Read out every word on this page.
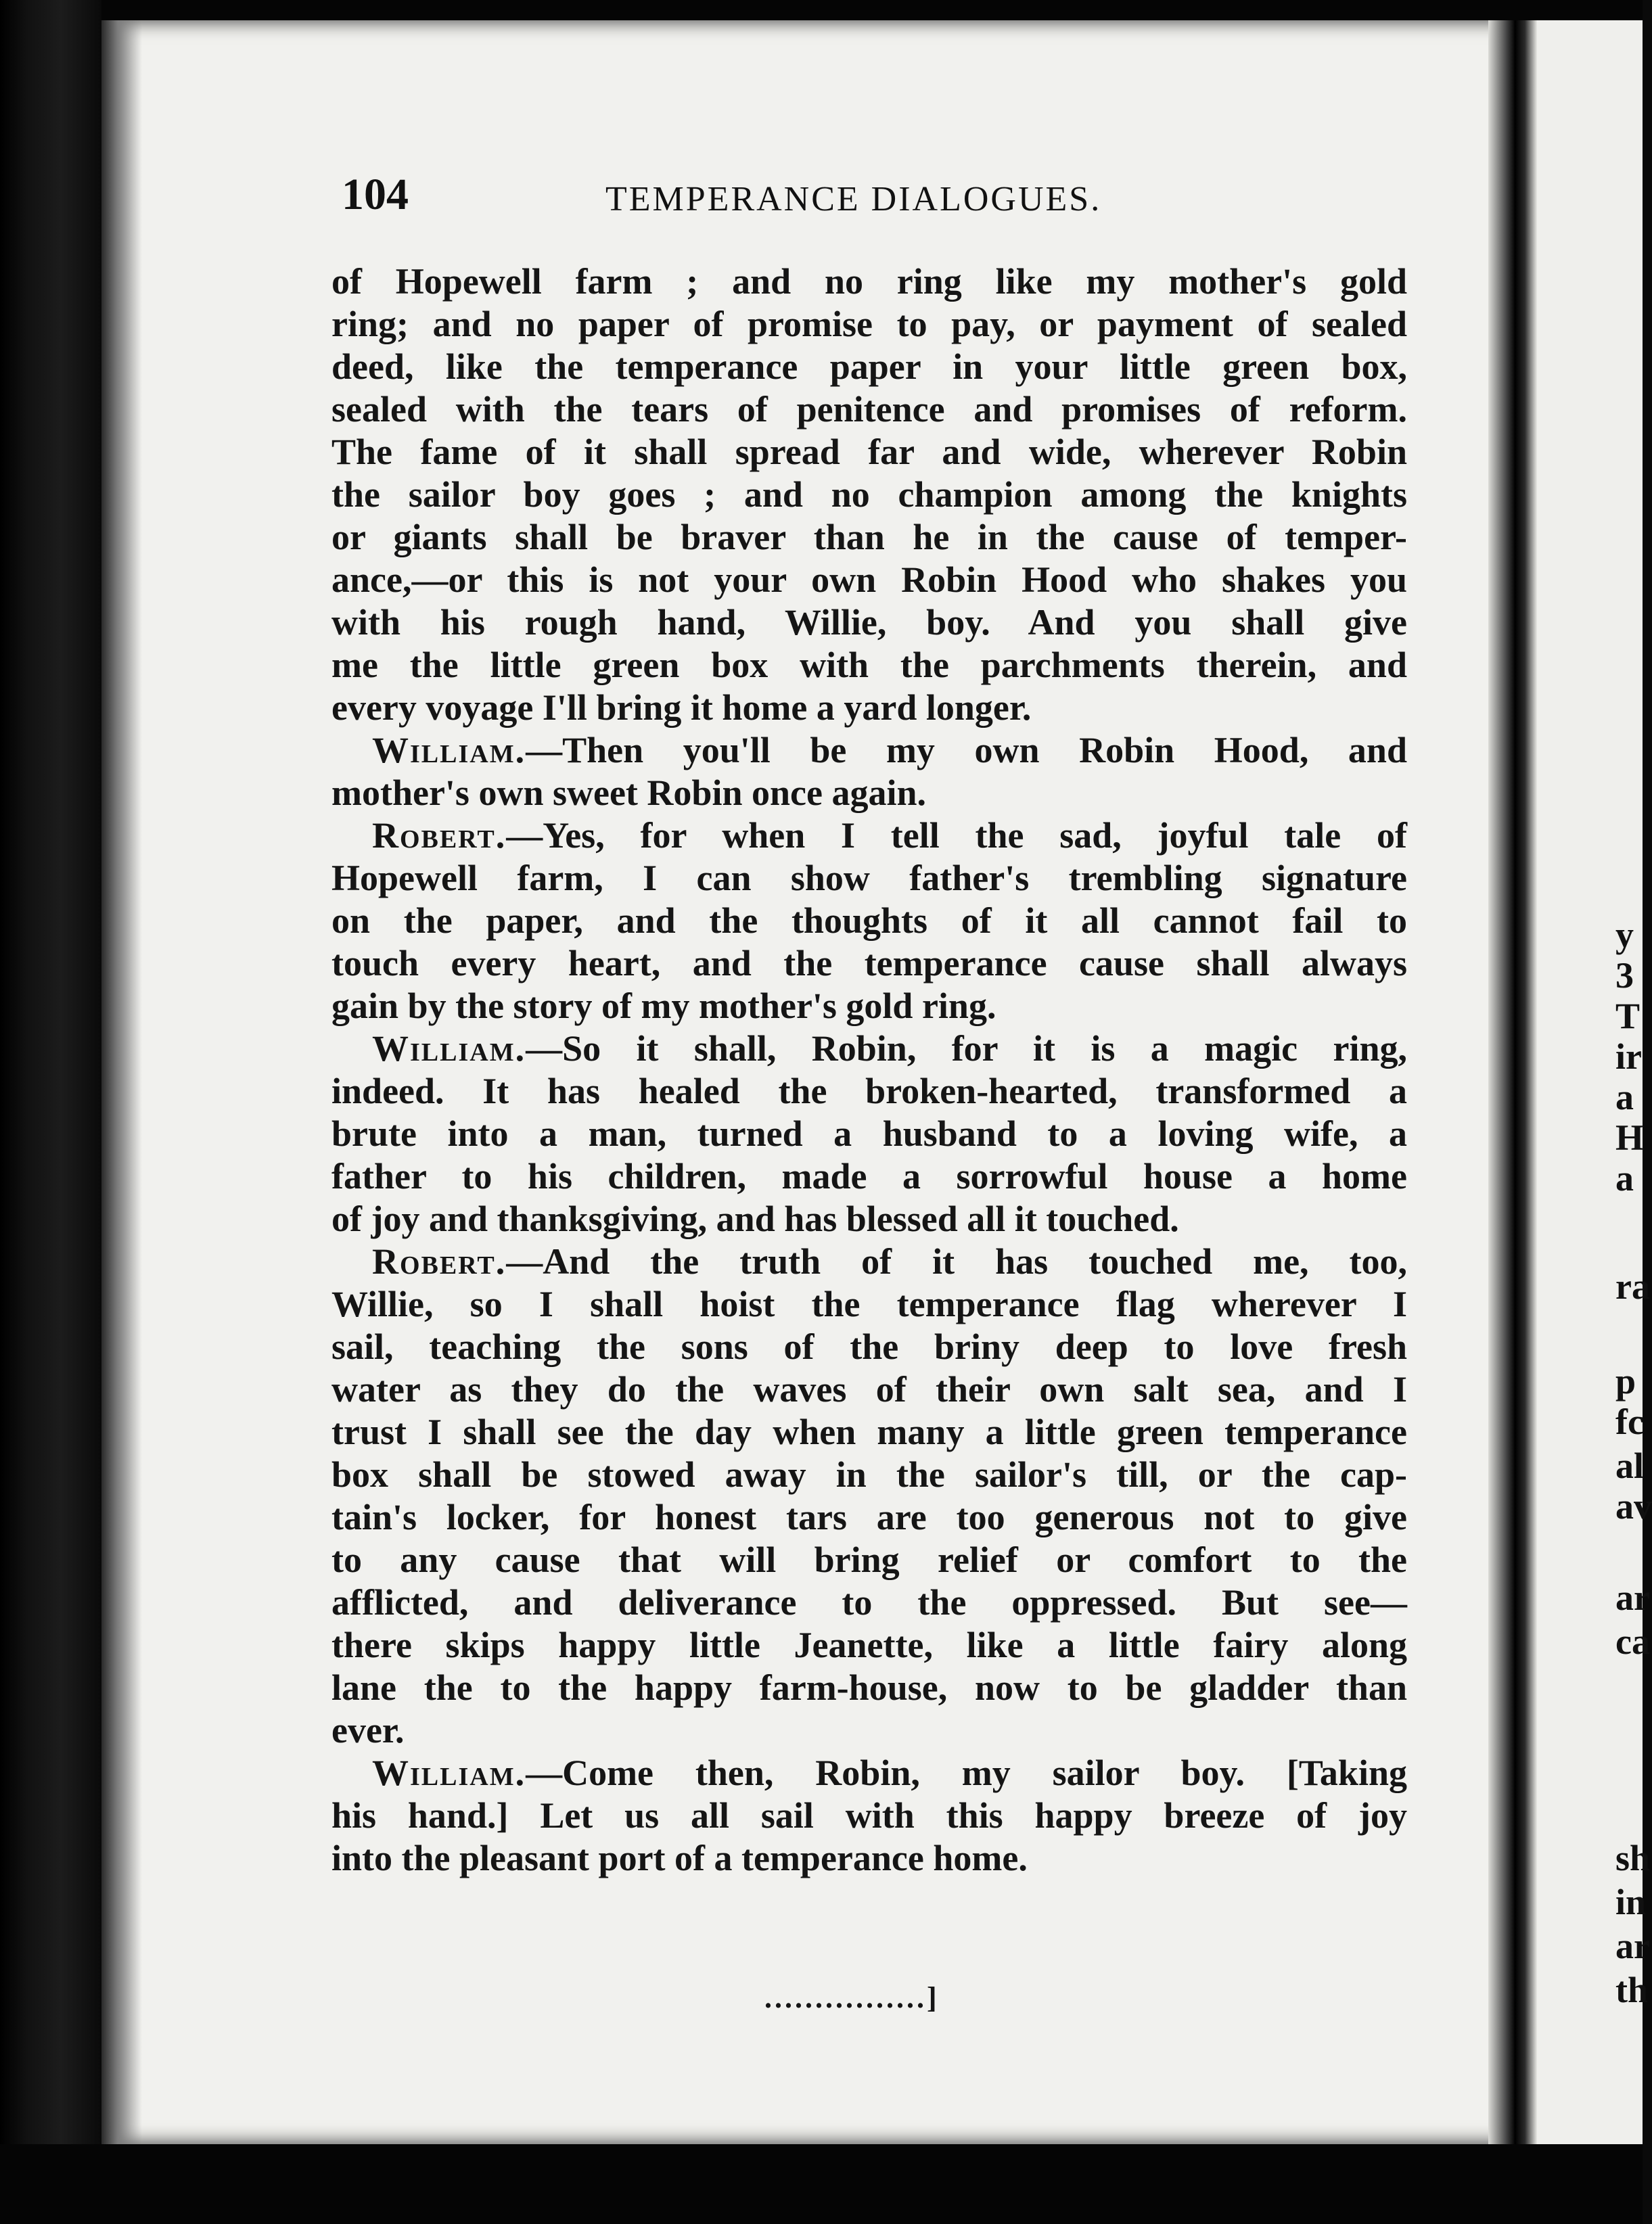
y
3
T
ir
a
H
a
ra
p
fc
al
av
ar
ca
sh
in
ar
th
104	TEMPERANCE DIALOGUES.
of Hopewell farm ; and no ring like my mother's gold
ring; and no paper of promise to pay, or payment of sealed
deed, like the temperance paper in your little green box,
sealed with the tears of penitence and promises of reform.
The fame of it shall spread far and wide, wherever Robin
the sailor boy goes ; and no champion among the knights
or giants shall be braver than he in the cause of temper-
ance,—or this is not your own Robin Hood who shakes you
with his rough hand, Willie, boy. And you shall give
me the little green box with the parchments therein, and
every voyage I'll bring it home a yard longer.
William.—Then you'll be my own Robin Hood, and
mother's own sweet Robin once again.
Robert.—Yes, for when I tell the sad, joyful tale of
Hopewell farm, I can show father's trembling signature
on the paper, and the thoughts of it all cannot fail to
touch every heart, and the temperance cause shall always
gain by the story of my mother's gold ring.
William.—So it shall, Robin, for it is a magic ring,
indeed. It has healed the broken-hearted, transformed a
brute into a man, turned a husband to a loving wife, a
father to his children, made a sorrowful house a home
of joy and thanksgiving, and has blessed all it touched.
Robert.—And the truth of it has touched me, too,
Willie, so I shall hoist the temperance flag wherever I
sail, teaching the sons of the briny deep to love fresh
water as they do the waves of their own salt sea, and I
trust I shall see the day when many a little green temperance
box shall be stowed away in the sailor's till, or the cap-
tain's locker, for honest tars are too generous not to give
to any cause that will bring relief or comfort to the
afflicted, and deliverance to the oppressed. But see—
there skips happy little Jeanette, like a little fairy along
lane the to the happy farm-house, now to be gladder than
ever.
William.—Come then, Robin, my sailor boy. [Taking
his hand.] Let us all sail with this happy breeze of joy
into the pleasant port of a temperance home.
................]
